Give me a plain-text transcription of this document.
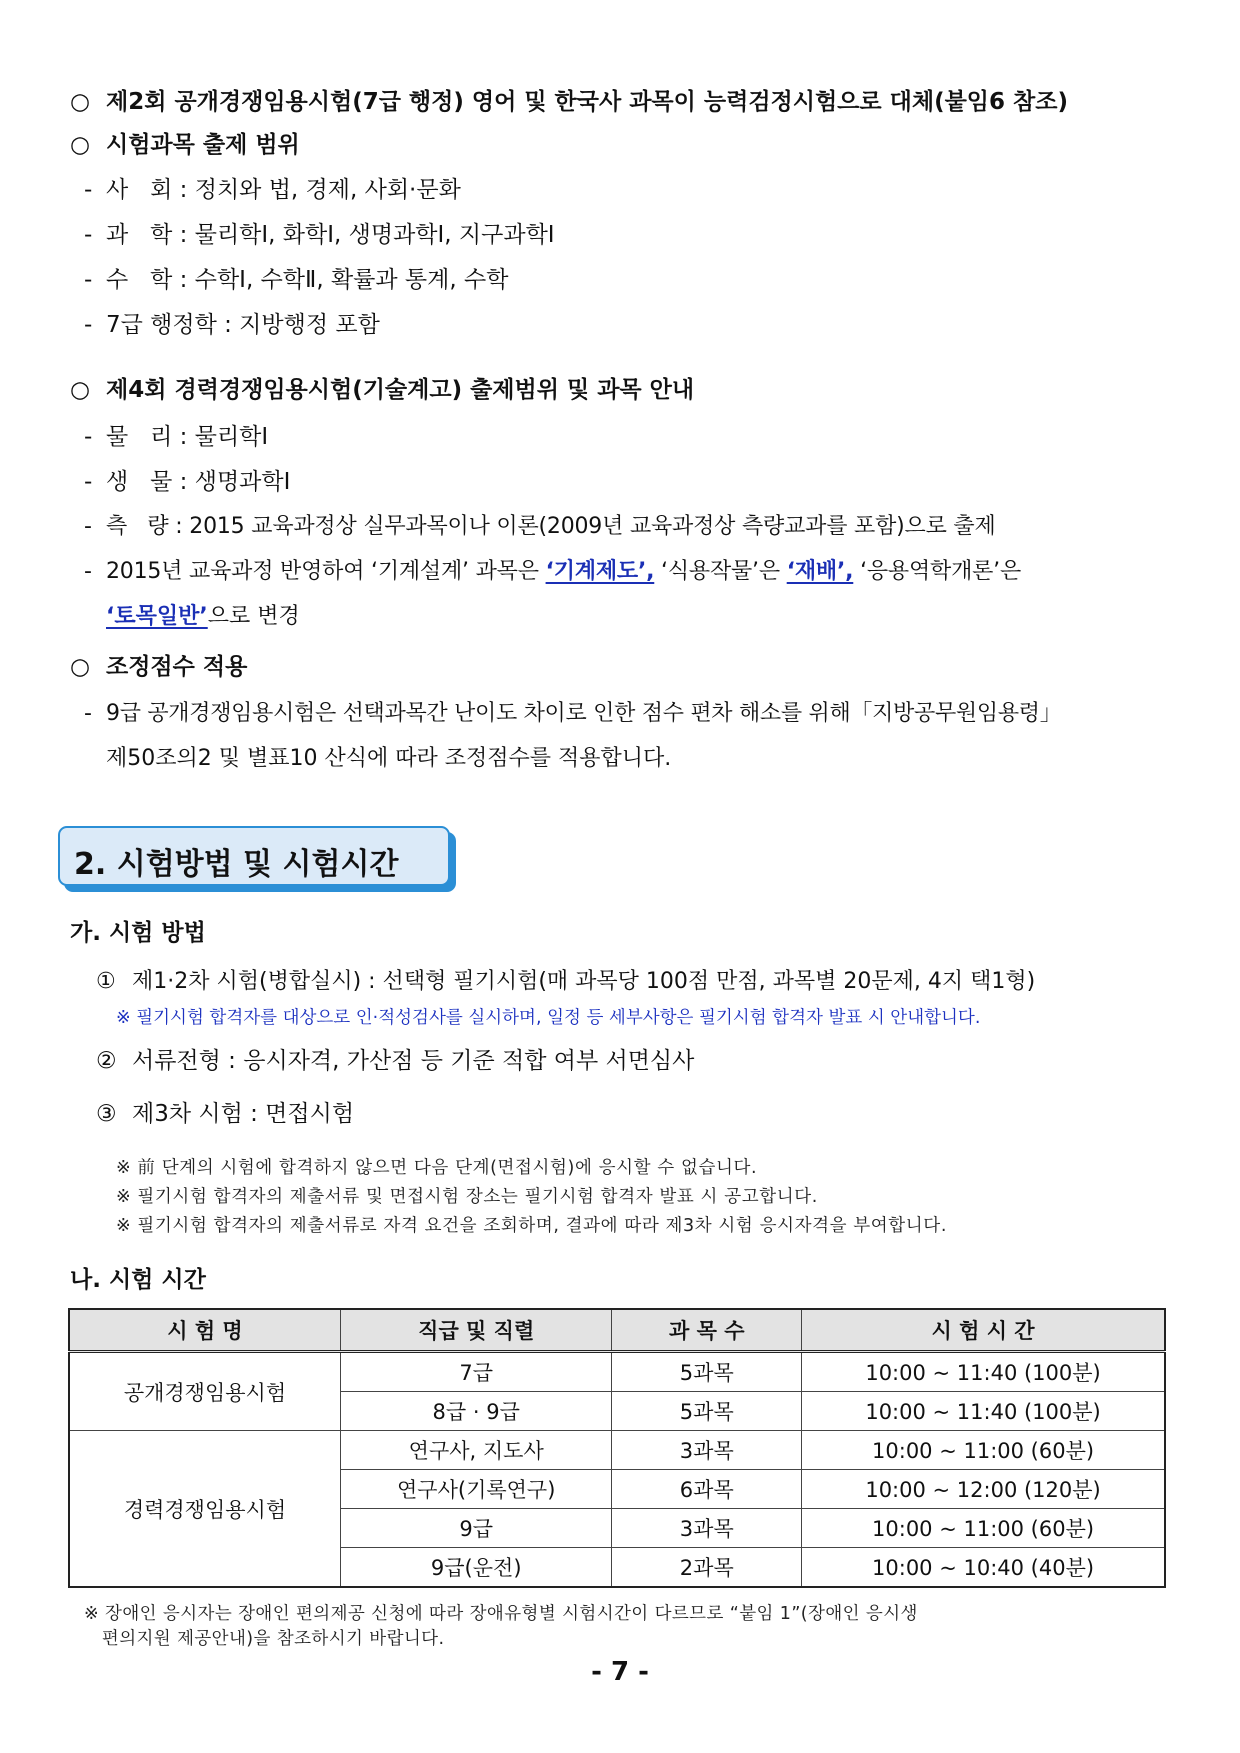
○ 제2회 공개경쟁임용시험(7급 행정) 영어 및 한국사 과목이 능력검정시험으로 대체(붙임6 참조)
○ 시험과목 출제 범위
- 사   회 : 정치와 법, 경제, 사회·문화
- 과   학 : 물리학Ⅰ, 화학Ⅰ, 생명과학Ⅰ, 지구과학Ⅰ
- 수   학 : 수학Ⅰ, 수학Ⅱ, 확률과 통계, 수학
- 7급 행정학 : 지방행정 포함
○ 제4회 경력경쟁임용시험(기술계고) 출제범위 및 과목 안내
- 물   리 : 물리학Ⅰ
- 생   물 : 생명과학Ⅰ
- 측   량 : 2015 교육과정상 실무과목이나 이론(2009년 교육과정상 측량교과를 포함)으로 출제
- 2015년 교육과정 반영하여 ‘기계설계’ 과목은 ‘기계제도’, ‘식용작물’은 ‘재배’, ‘응용역학개론’은
‘토목일반’으로 변경
○ 조정점수 적용
- 9급 공개경쟁임용시험은 선택과목간 난이도 차이로 인한 점수 편차 해소를 위해「지방공무원임용령」
제50조의2 및 별표10 산식에 따라 조정점수를 적용합니다.
2. 시험방법 및 시험시간
가. 시험 방법
① 제1·2차 시험(병합실시) : 선택형 필기시험(매 과목당 100점 만점, 과목별 20문제, 4지 택1형)
※ 필기시험 합격자를 대상으로 인·적성검사를 실시하며, 일정 등 세부사항은 필기시험 합격자 발표 시 안내합니다.
② 서류전형 : 응시자격, 가산점 등 기준 적합 여부 서면심사
③ 제3차 시험 : 면접시험
※ 前 단계의 시험에 합격하지 않으면 다음 단계(면접시험)에 응시할 수 없습니다.
※ 필기시험 합격자의 제출서류 및 면접시험 장소는 필기시험 합격자 발표 시 공고합니다.
※ 필기시험 합격자의 제출서류로 자격 요건을 조회하며, 결과에 따라 제3차 시험 응시자격을 부여합니다.
나. 시험 시간
시 험 명	직급 및 직렬	과 목 수	시 험 시 간
공개경쟁임용시험	7급	5과목	10:00 ~ 11:40 (100분)
	8급 · 9급	5과목	10:00 ~ 11:40 (100분)
경력경쟁임용시험	연구사, 지도사	3과목	10:00 ~ 11:00 (60분)
	연구사(기록연구)	6과목	10:00 ~ 12:00 (120분)
	9급	3과목	10:00 ~ 11:00 (60분)
	9급(운전)	2과목	10:00 ~ 10:40 (40분)
※ 장애인 응시자는 장애인 편의제공 신청에 따라 장애유형별 시험시간이 다르므로 “붙임 1”(장애인 응시생
편의지원 제공안내)을 참조하시기 바랍니다.
- 7 -
